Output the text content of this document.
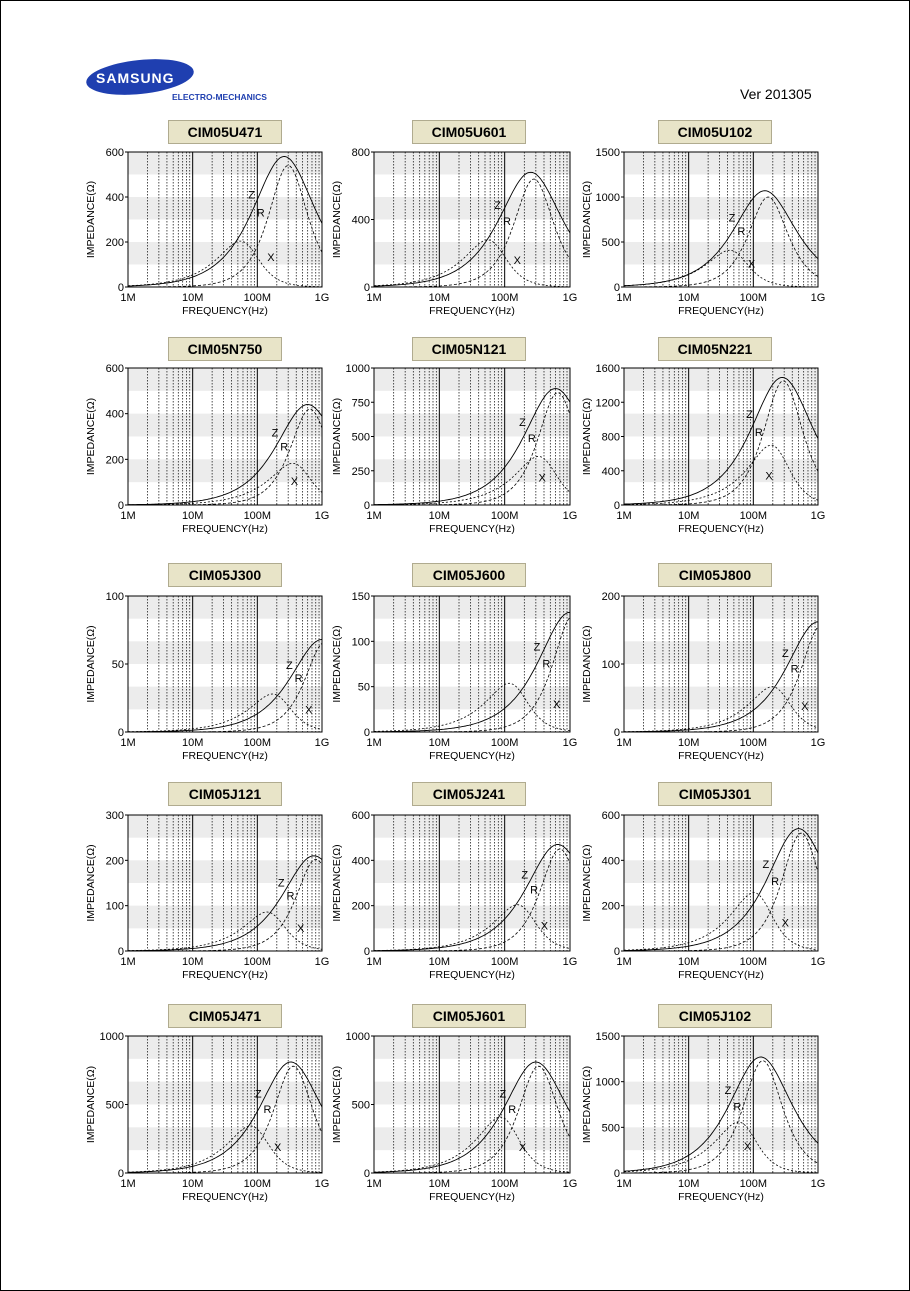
SAMSUNG
ELECTRO-MECHANICS	Ver 201305
CIM05U471
0
200
400
600
1M	10M	100M	1G
FREQUENCY(Hz)
IMPEDANCE(Ω)	Z
R
X
CIM05U601
0
400
800
1M	10M	100M	1G
FREQUENCY(Hz)
IMPEDANCE(Ω)	Z
R
X
CIM05U102
0
500
1000
1500
1M	10M	100M	1G
FREQUENCY(Hz)
IMPEDANCE(Ω)	Z
R
X
CIM05N750
0
200
400
600
1M	10M	100M	1G
FREQUENCY(Hz)
IMPEDANCE(Ω)	Z
R
X
CIM05N121
0
250
500
750
1000
1M	10M	100M	1G
FREQUENCY(Hz)
IMPEDANCE(Ω)	Z
R
X
CIM05N221
0
400
800
1200
1600
1M	10M	100M	1G
FREQUENCY(Hz)
IMPEDANCE(Ω)	Z
R
X
CIM05J300
0
50
100
1M	10M	100M	1G
FREQUENCY(Hz)
IMPEDANCE(Ω)	Z
R
X
CIM05J600
0
50
100
150
1M	10M	100M	1G
FREQUENCY(Hz)
IMPEDANCE(Ω)	Z
R
X
CIM05J800
0
100
200
1M	10M	100M	1G
FREQUENCY(Hz)
IMPEDANCE(Ω)	Z
R
X
CIM05J121
0
100
200
300
1M	10M	100M	1G
FREQUENCY(Hz)
IMPEDANCE(Ω)	Z
R
X
CIM05J241
0
200
400
600
1M	10M	100M	1G
FREQUENCY(Hz)
IMPEDANCE(Ω)	Z
R
X
CIM05J301
0
200
400
600
1M	10M	100M	1G
FREQUENCY(Hz)
IMPEDANCE(Ω)	Z
R
X
CIM05J471
0
500
1000
1M	10M	100M	1G
FREQUENCY(Hz)
IMPEDANCE(Ω)	Z
R
X
CIM05J601
0
500
1000
1M	10M	100M	1G
FREQUENCY(Hz)
IMPEDANCE(Ω)	Z
R
X
CIM05J102
0
500
1000
1500
1M	10M	100M	1G
FREQUENCY(Hz)
IMPEDANCE(Ω)	Z
R
X
